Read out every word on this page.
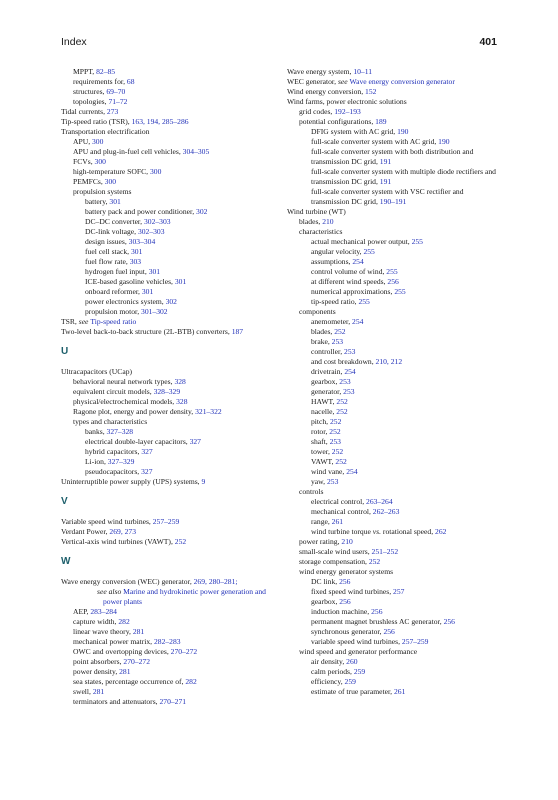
Index	401
MPPT, 82–85
requirements for, 68
structures, 69–70
topologies, 71–72
Tidal currents, 273
Tip-speed ratio (TSR), 163, 194, 285–286
Transportation electrification
APU, 300
APU and plug-in-fuel cell vehicles, 304–305
FCVs, 300
high-temperature SOFC, 300
PEMFCs, 300
propulsion systems
battery, 301
battery pack and power conditioner, 302
DC–DC converter, 302–303
DC-link voltage, 302–303
design issues, 303–304
fuel cell stack, 301
fuel flow rate, 303
hydrogen fuel input, 301
ICE-based gasoline vehicles, 301
onboard reformer, 301
power electronics system, 302
propulsion motor, 301–302
TSR, see Tip-speed ratio
Two-level back-to-back structure (2L-BTB) converters, 187
U
Ultracapacitors (UCap)
behavioral neural network types, 328
equivalent circuit models, 328–329
physical/electrochemical models, 328
Ragone plot, energy and power density, 321–322
types and characteristics
banks, 327–328
electrical double-layer capacitors, 327
hybrid capacitors, 327
Li-ion, 327–329
pseudocapacitors, 327
Uninterruptible power supply (UPS) systems, 9
V
Variable speed wind turbines, 257–259
Verdant Power, 269, 273
Vertical-axis wind turbines (VAWT), 252
W
Wave energy conversion (WEC) generator, 269, 280–281;
see also Marine and hydrokinetic power generation and power plants
AEP, 283–284
capture width, 282
linear wave theory, 281
mechanical power matrix, 282–283
OWC and overtopping devices, 270–272
point absorbers, 270–272
power density, 281
sea states, percentage occurrence of, 282
swell, 281
terminators and attenuators, 270–271
Wave energy system, 10–11
WEC generator, see Wave energy conversion generator
Wind energy conversion, 152
Wind farms, power electronic solutions
grid codes, 192–193
potential configurations, 189
DFIG system with AC grid, 190
full-scale converter system with AC grid, 190
full-scale converter system with both distribution and transmission DC grid, 191
full-scale converter system with multiple diode rectifiers and transmission DC grid, 191
full-scale converter system with VSC rectifier and transmission DC grid, 190–191
Wind turbine (WT)
blades, 210
characteristics
actual mechanical power output, 255
angular velocity, 255
assumptions, 254
control volume of wind, 255
at different wind speeds, 256
numerical approximations, 255
tip-speed ratio, 255
components
anemometer, 254
blades, 252
brake, 253
controller, 253
and cost breakdown, 210, 212
drivetrain, 254
gearbox, 253
generator, 253
HAWT, 252
nacelle, 252
pitch, 252
rotor, 252
shaft, 253
tower, 252
VAWT, 252
wind vane, 254
yaw, 253
controls
electrical control, 263–264
mechanical control, 262–263
range, 261
wind turbine torque vs. rotational speed, 262
power rating, 210
small-scale wind users, 251–252
storage compensation, 252
wind energy generator systems
DC link, 256
fixed speed wind turbines, 257
gearbox, 256
induction machine, 256
permanent magnet brushless AC generator, 256
synchronous generator, 256
variable speed wind turbines, 257–259
wind speed and generator performance
air density, 260
calm periods, 259
efficiency, 259
estimate of true parameter, 261
